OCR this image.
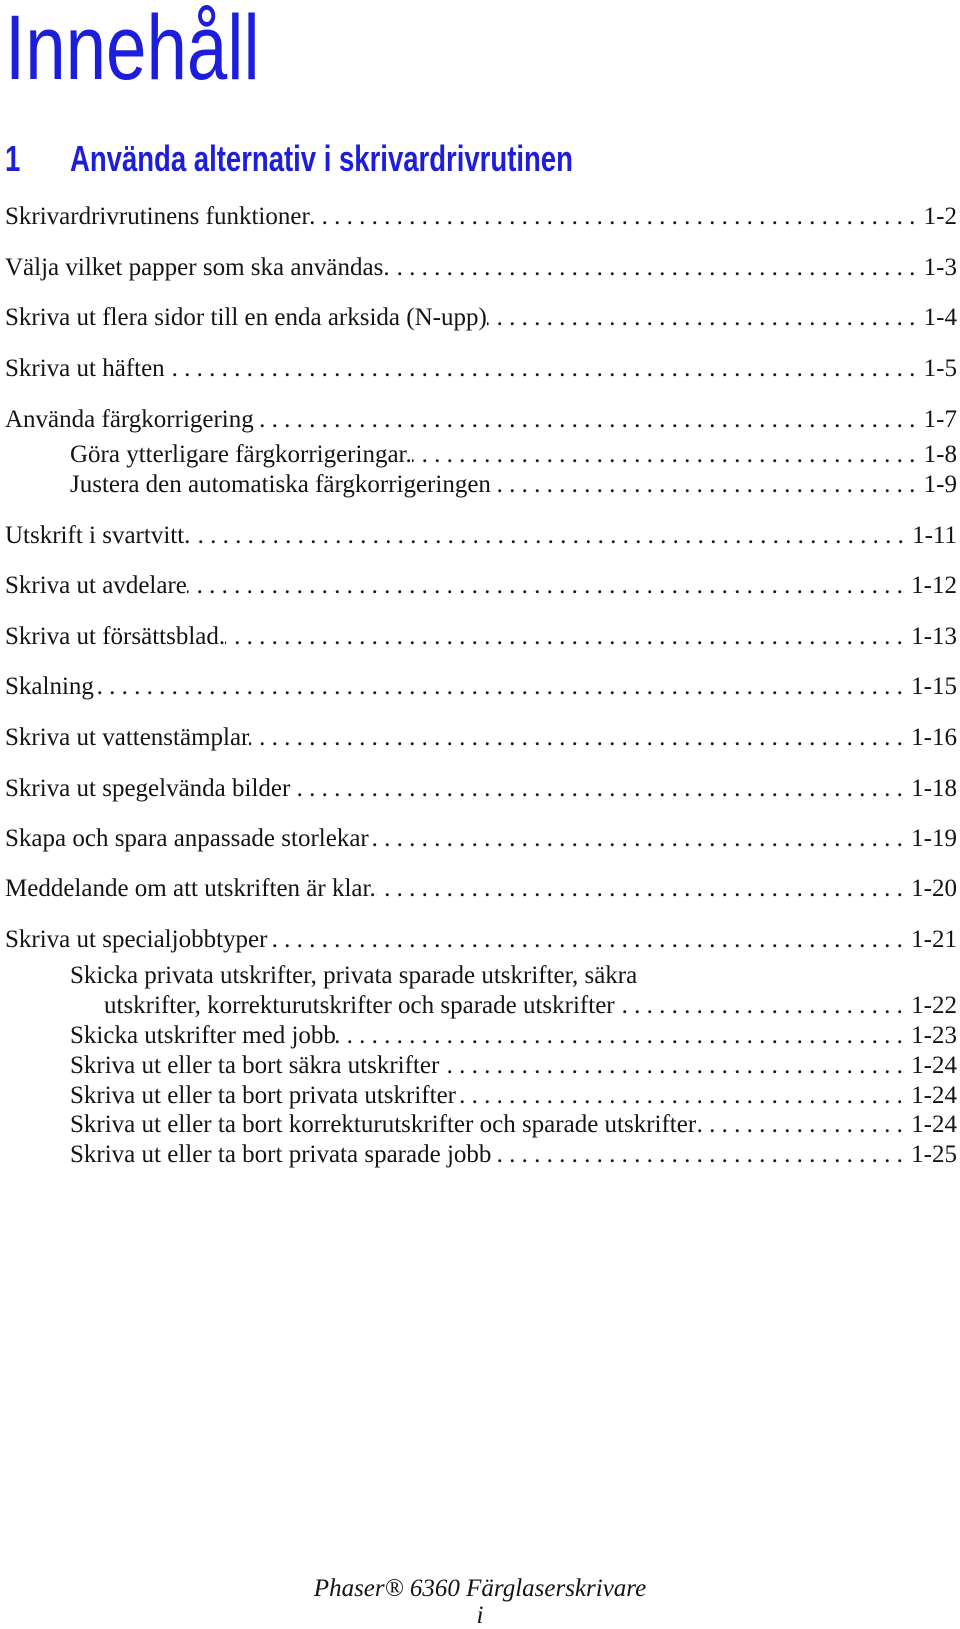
Innehåll
1 Använda alternativ i skrivardrivrutinen
Skrivardrivrutinens funktioner .....	1-2
Välja vilket papper som ska användas. .....	1-3
Skriva ut flera sidor till en enda arksida (N-upp) .....	1-4
Skriva ut häften .....	1-5
Använda färgkorrigering .....	1-7
Göra ytterligare färgkorrigeringar. .....	1-8
Justera den automatiska färgkorrigeringen .....	1-9
Utskrift i svartvitt. .....	1-11
Skriva ut avdelare .....	1-12
Skriva ut försättsblad. .....	1-13
Skalning .....	1-15
Skriva ut vattenstämplar .....	1-16
Skriva ut spegelvända bilder .....	1-18
Skapa och spara anpassade storlekar .....	1-19
Meddelande om att utskriften är klar. .....	1-20
Skriva ut specialjobbtyper .....	1-21
Skicka privata utskrifter, privata sparade utskrifter, säkra
utskrifter, korrekturutskrifter och sparade utskrifter .....	1-22
Skicka utskrifter med jobb .....	1-23
Skriva ut eller ta bort säkra utskrifter .....	1-24
Skriva ut eller ta bort privata utskrifter .....	1-24
Skriva ut eller ta bort korrekturutskrifter och sparade utskrifter .....	1-24
Skriva ut eller ta bort privata sparade jobb .....	1-25
Phaser® 6360 Färglaserskrivare
i
